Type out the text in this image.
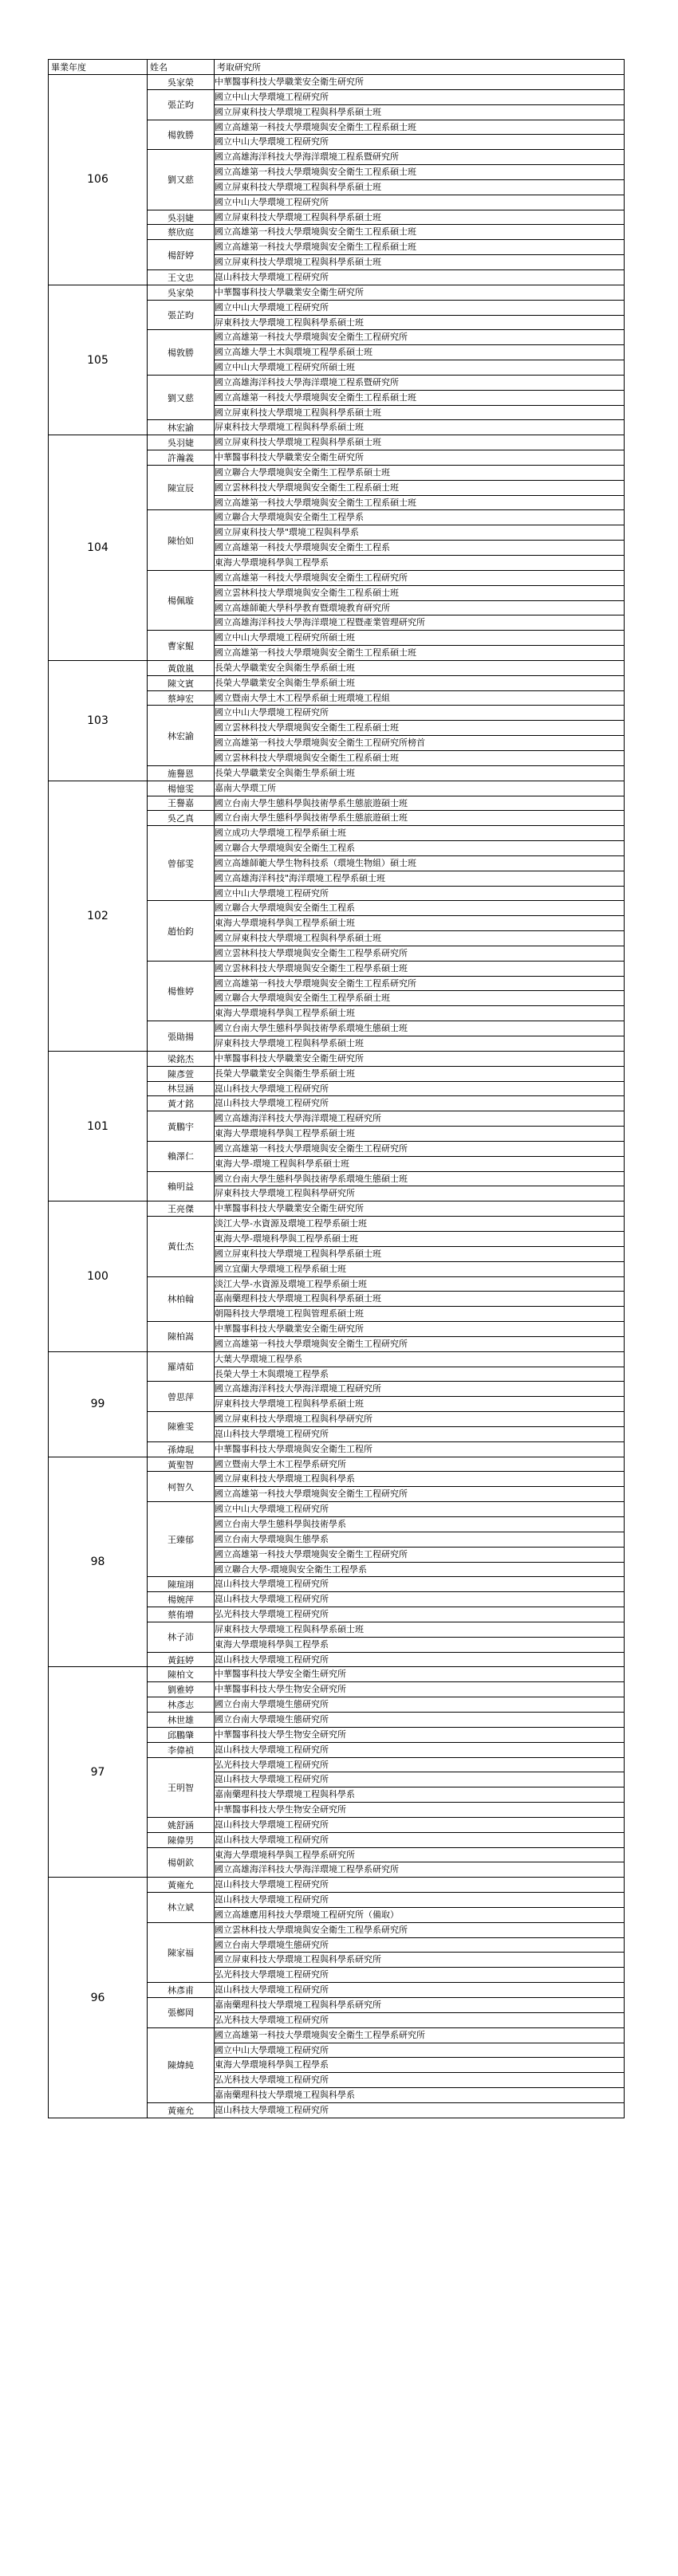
畢業年度	姓名	考取研究所
106	吳家榮	中華醫事科技大學職業安全衛生研究所

	張芷昀	國立中山大學環境工程研究所
國立屏東科技大學環境工程與科學系碩士班

	楊敦勝	國立高雄第一科技大學環境與安全衛生工程系碩士班
國立中山大學環境工程研究所

	劉又慈	國立高雄海洋科技大學海洋環境工程系暨研究所
國立高雄第一科技大學環境與安全衛生工程系碩士班
國立屏東科技大學環境工程與科學系碩士班
國立中山大學環境工程研究所

	吳羽婕	國立屏東科技大學環境工程與科學系碩士班

	蔡欣庭	國立高雄第一科技大學環境與安全衛生工程系碩士班

	楊舒婷	國立高雄第一科技大學環境與安全衛生工程系碩士班
國立屏東科技大學環境工程與科學系碩士班

	王文忠	崑山科技大學環境工程研究所

105	吳家榮	中華醫事科技大學職業安全衛生研究所

	張芷昀	國立中山大學環境工程研究所
屏東科技大學環境工程與科學系碩士班

	楊敦勝	國立高雄第一科技大學環境與安全衛生工程研究所
國立高雄大學土木與環境工程學系碩士班
國立中山大學環境工程研究所碩士班

	劉又慈	國立高雄海洋科技大學海洋環境工程系暨研究所
國立高雄第一科技大學環境與安全衛生工程系碩士班
國立屏東科技大學環境工程與科學系碩士班

	林宏諭	屏東科技大學環境工程與科學系碩士班

104	吳羽婕	國立屏東科技大學環境工程與科學系碩士班

	許瀚義	中華醫事科技大學職業安全衛生研究所

	陳宣辰	國立聯合大學環境與安全衛生工程學系碩士班
國立雲林科技大學環境與安全衛生工程系碩士班
國立高雄第一科技大學環境與安全衛生工程系碩士班

	陳怡如	國立聯合大學環境與安全衛生工程學系
國立屏東科技大學"環境工程與科學系
國立高雄第一科技大學環境與安全衛生工程系
東海大學環境科學與工程學系

	楊佩璇	國立高雄第一科技大學環境與安全衛生工程研究所
國立雲林科技大學環境與安全衛生工程系碩士班
國立高雄師範大學科學教育暨環境教育研究所
國立高雄海洋科技大學海洋環境工程暨產業管理研究所

	曹家鯤	國立中山大學環境工程研究所碩士班
國立高雄第一科技大學環境與安全衛生工程系碩士班

103	黃啟嵐	長榮大學職業安全與衛生學系碩士班

	陳文賓	長榮大學職業安全與衛生學系碩士班

	蔡坤宏	國立暨南大學土木工程學系碩士班環境工程組

	林宏諭	國立中山大學環境工程研究所
國立雲林科技大學環境與安全衛生工程系碩士班
國立高雄第一科技大學環境與安全衛生工程研究所榜首
國立雲林科技大學環境與安全衛生工程系碩士班

	施譽恩	長榮大學職業安全與衛生學系碩士班

102	楊憶雯	嘉南大學環工所

	王譽嘉	國立台南大學生態科學與技術學系生態旅遊碩士班

	吳乙真	國立台南大學生態科學與技術學系生態旅遊碩士班

	曾郁雯	國立成功大學環境工程學系碩士班
國立聯合大學環境與安全衛生工程系
國立高雄師範大學生物科技系（環境生物組）碩士班
國立高雄海洋科技"海洋環境工程學系碩士班
國立中山大學環境工程研究所

	趙怡鈞	國立聯合大學環境與安全衛生工程系
東海大學環境科學與工程學系碩士班
國立屏東科技大學環境工程與科學系碩士班
國立雲林科技大學環境與安全衛生工程學系研究所

	楊惟婷	國立雲林科技大學環境與安全衛生工程學系碩士班
國立高雄第一科技大學環境與安全衛生工程系研究所
國立聯合大學環境與安全衛生工程學系碩士班
東海大學環境科學與工程學系碩士班

	張勛揚	國立台南大學生態科學與技術學系環境生態碩士班
屏東科技大學環境工程與科學系碩士班

101	梁銘杰	中華醫事科技大學職業安全衛生研究所

	陳彥萱	長榮大學職業安全與衛生學系碩士班

	林昱涵	崑山科技大學環境工程研究所

	黃才銘	崑山科技大學環境工程研究所

	黃鵬宇	國立高雄海洋科技大學海洋環境工程研究所
東海大學環境科學與工程學系碩士班

	賴澤仁	國立高雄第一科技大學環境與安全衛生工程研究所
東海大學-環境工程與科學系碩士班

	賴明益	國立台南大學生態科學與技術學系環境生態碩士班
屏東科技大學環境工程與科學研究所

100	王亮傑	中華醫事科技大學職業安全衛生研究所

	黃仕杰	淡江大學-水資源及環境工程學系碩士班
東海大學-環境科學與工程學系碩士班
國立屏東科技大學環境工程與科學系碩士班
國立宜蘭大學環境工程學系碩士班

	林柏翰	淡江大學-水資源及環境工程學系碩士班
嘉南藥理科技大學環境工程與科學系碩士班
朝陽科技大學環境工程與管理系碩士班

	陳柏嵩	中華醫事科技大學職業安全衛生研究所
國立高雄第一科技大學環境與安全衛生工程研究所

99	羅靖茹	大葉大學環境工程學系
長榮大學土木與環境工程學系

	曾思萍	國立高雄海洋科技大學海洋環境工程研究所
屏東科技大學環境工程與科學系碩士班

	陳雅雯	國立屏東科技大學環境工程與科學研究所
崑山科技大學環境工程研究所

	孫煒琨	中華醫事科技大學環境與安全衛生工程所

98	黃聖智	國立暨南大學土木工程學系研究所

	柯智久	國立屏東科技大學環境工程與科學系
國立高雄第一科技大學環境與安全衛生工程研究所

	王臻郁	國立中山大學環境工程研究所
國立台南大學生態科學與技術學系
國立台南大學環境與生態學系
國立高雄第一科技大學環境與安全衛生工程研究所
國立聯合大學-環境與安全衛生工程學系

	陳瑄翊	崑山科技大學環境工程研究所

	楊婉萍	崑山科技大學環境工程研究所

	蔡侑增	弘光科技大學環境工程研究所

	林子沛	屏東科技大學環境工程與科學系碩士班
東海大學環境科學與工程學系

	黃鈺婷	崑山科技大學環境工程研究所

97	陳柏文	中華醫事科技大學安全衛生研究所

	劉雅婷	中華醫事科技大學生物安全研究所

	林彥志	國立台南大學環境生態研究所

	林世雄	國立台南大學環境生態研究所

	邱鵬肇	中華醫事科技大學生物安全研究所

	李偉禎	崑山科技大學環境工程研究所

	王明智	弘光科技大學環境工程研究所
崑山科技大學環境工程研究所
嘉南藥理科技大學環境工程與科學系
中華醫事科技大學生物安全研究所

	姚舒涵	崑山科技大學環境工程研究所

	陳偉男	崑山科技大學環境工程研究所

	楊朝欽	東海大學環境科學與工程學系研究所
國立高雄海洋科技大學海洋環境工程學系研究所

96	黃雍允	崑山科技大學環境工程研究所

	林立斌	崑山科技大學環境工程研究所
國立高雄應用科技大學環境工程研究所（備取）

	陳家福	國立雲林科技大學環境與安全衛生工程學系研究所
國立台南大學環境生態研究所
國立屏東科技大學環境工程與科學系研究所
弘光科技大學環境工程研究所

	林彥甫	崑山科技大學環境工程研究所

	張榔岡	嘉南藥理科技大學環境工程與科學系研究所
弘光科技大學環境工程研究所

	陳煒純	國立高雄第一科技大學環境與安全衛生工程學系研究所
國立中山大學環境工程研究所
東海大學環境科學與工程學系
弘光科技大學環境工程研究所
嘉南藥理科技大學環境工程與科學系

	黃雍允	崑山科技大學環境工程研究所
